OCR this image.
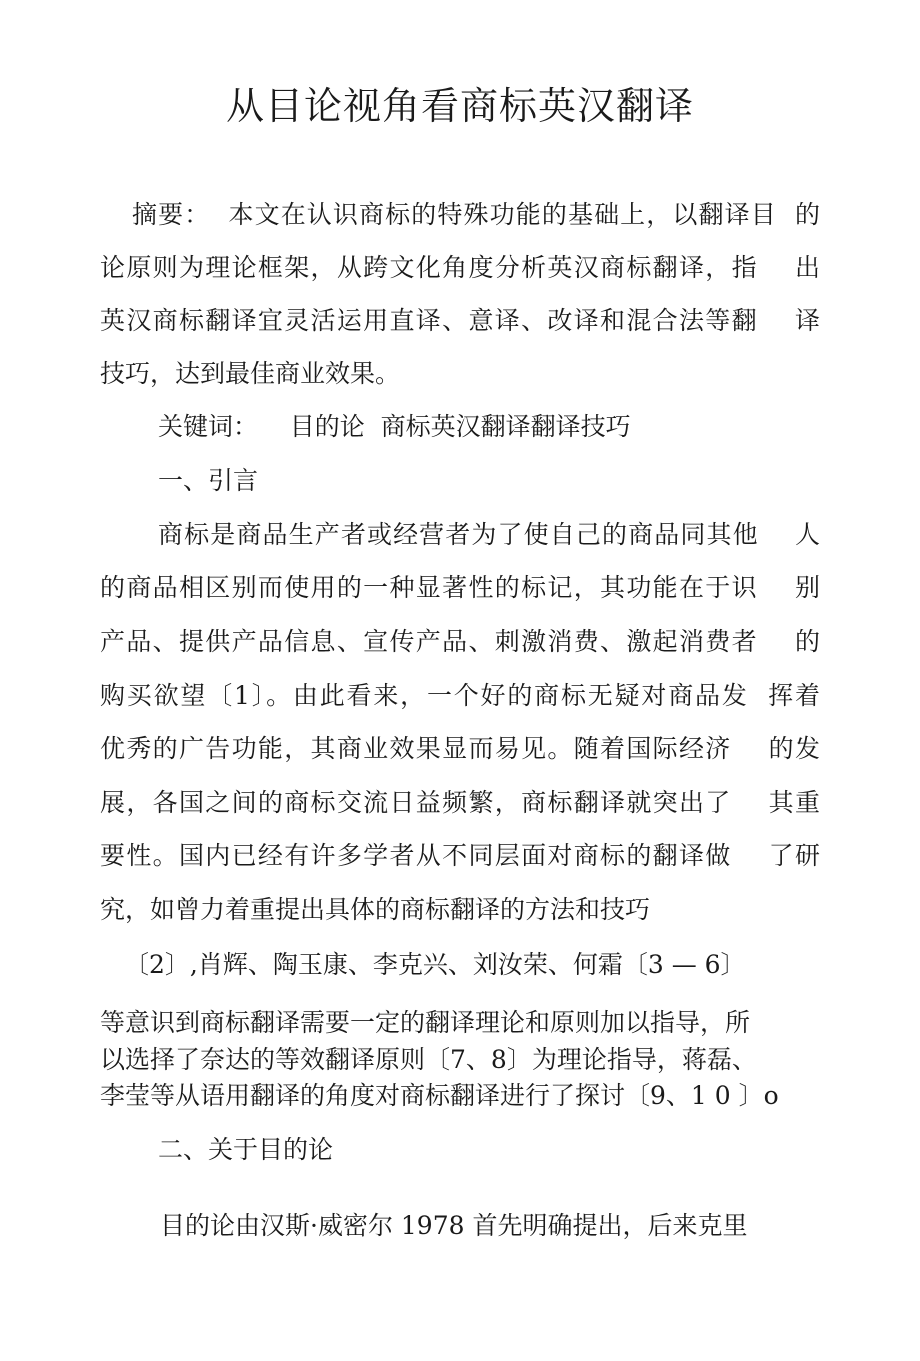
从目论视角看商标英汉翻译

摘要：  本文在认识商标的特殊功能的基础上，以翻译目  的

论原则为理论框架，从跨文化角度分析英汉商标翻译，指    出

英汉商标翻译宜灵活运用直译、意译、改译和混合法等翻    译

技巧，达到最佳商业效果。

关键词：    目的论  商标英汉翻译翻译技巧

一、引言

商标是商品生产者或经营者为了使自己的商品同其他    人

的商品相区别而使用的一种显著性的标记，其功能在于识    别

产品、提供产品信息、宣传产品、刺激消费、激起消费者    的

购买欲望〔1〕。由此看来，一个好的商标无疑对商品发  挥着

优秀的广告功能，其商业效果显而易见。随着国际经济    的发

展，各国之间的商标交流日益频繁，商标翻译就突出了    其重

要性。国内已经有许多学者从不同层面对商标的翻译做    了研

究，如曾力着重提出具体的商标翻译的方法和技巧

〔2〕,肖辉、陶玉康、李克兴、刘汝荣、何霜〔3 — 6〕

等意识到商标翻译需要一定的翻译理论和原则加以指导，所

以选择了奈达的等效翻译原则〔7、8〕为理论指导，蒋磊、

李莹等从语用翻译的角度对商标翻译进行了探讨〔9、1 0 〕o

二、关于目的论

目的论由汉斯·威密尔 1978 首先明确提出，后来克里
